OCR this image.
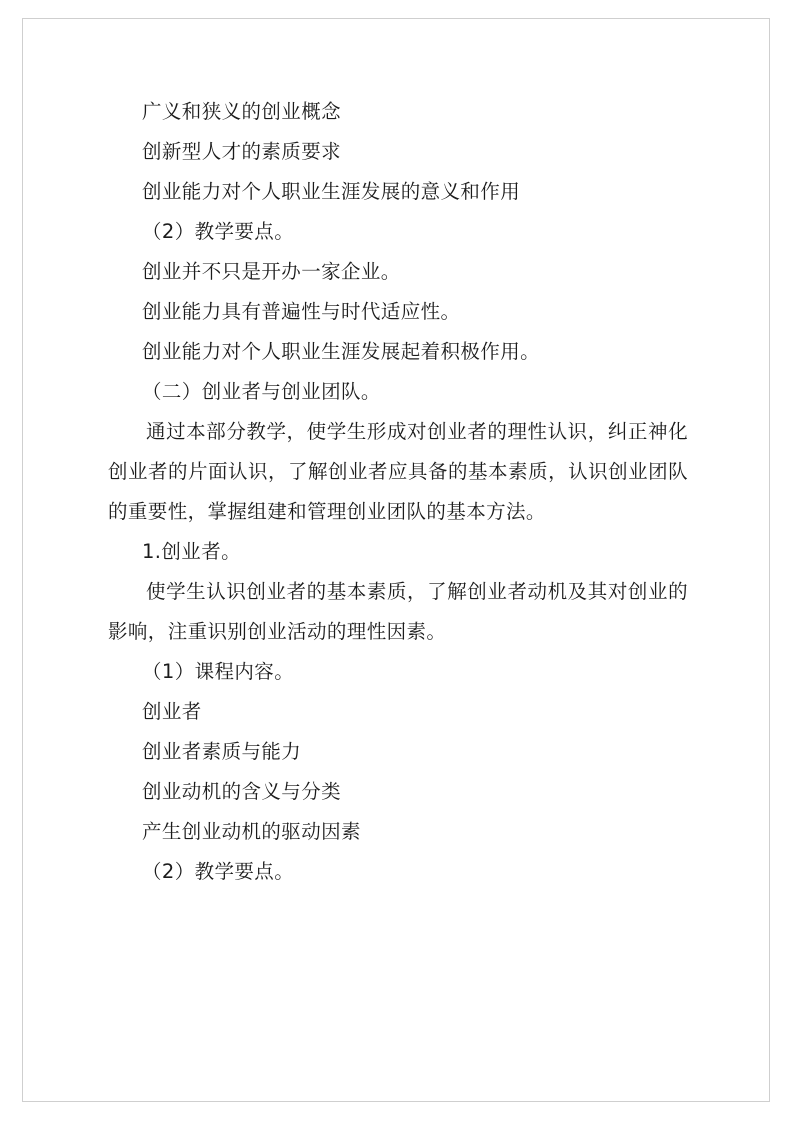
广义和狭义的创业概念
创新型人才的素质要求
创业能力对个人职业生涯发展的意义和作用
（2）教学要点。
创业并不只是开办一家企业。
创业能力具有普遍性与时代适应性。
创业能力对个人职业生涯发展起着积极作用。
（二）创业者与创业团队。
通过本部分教学，使学生形成对创业者的理性认识，纠正神化创业者的片面认识，了解创业者应具备的基本素质，认识创业团队的重要性，掌握组建和管理创业团队的基本方法。
1.创业者。
使学生认识创业者的基本素质，了解创业者动机及其对创业的影响，注重识别创业活动的理性因素。
（1）课程内容。
创业者
创业者素质与能力
创业动机的含义与分类
产生创业动机的驱动因素
（2）教学要点。
